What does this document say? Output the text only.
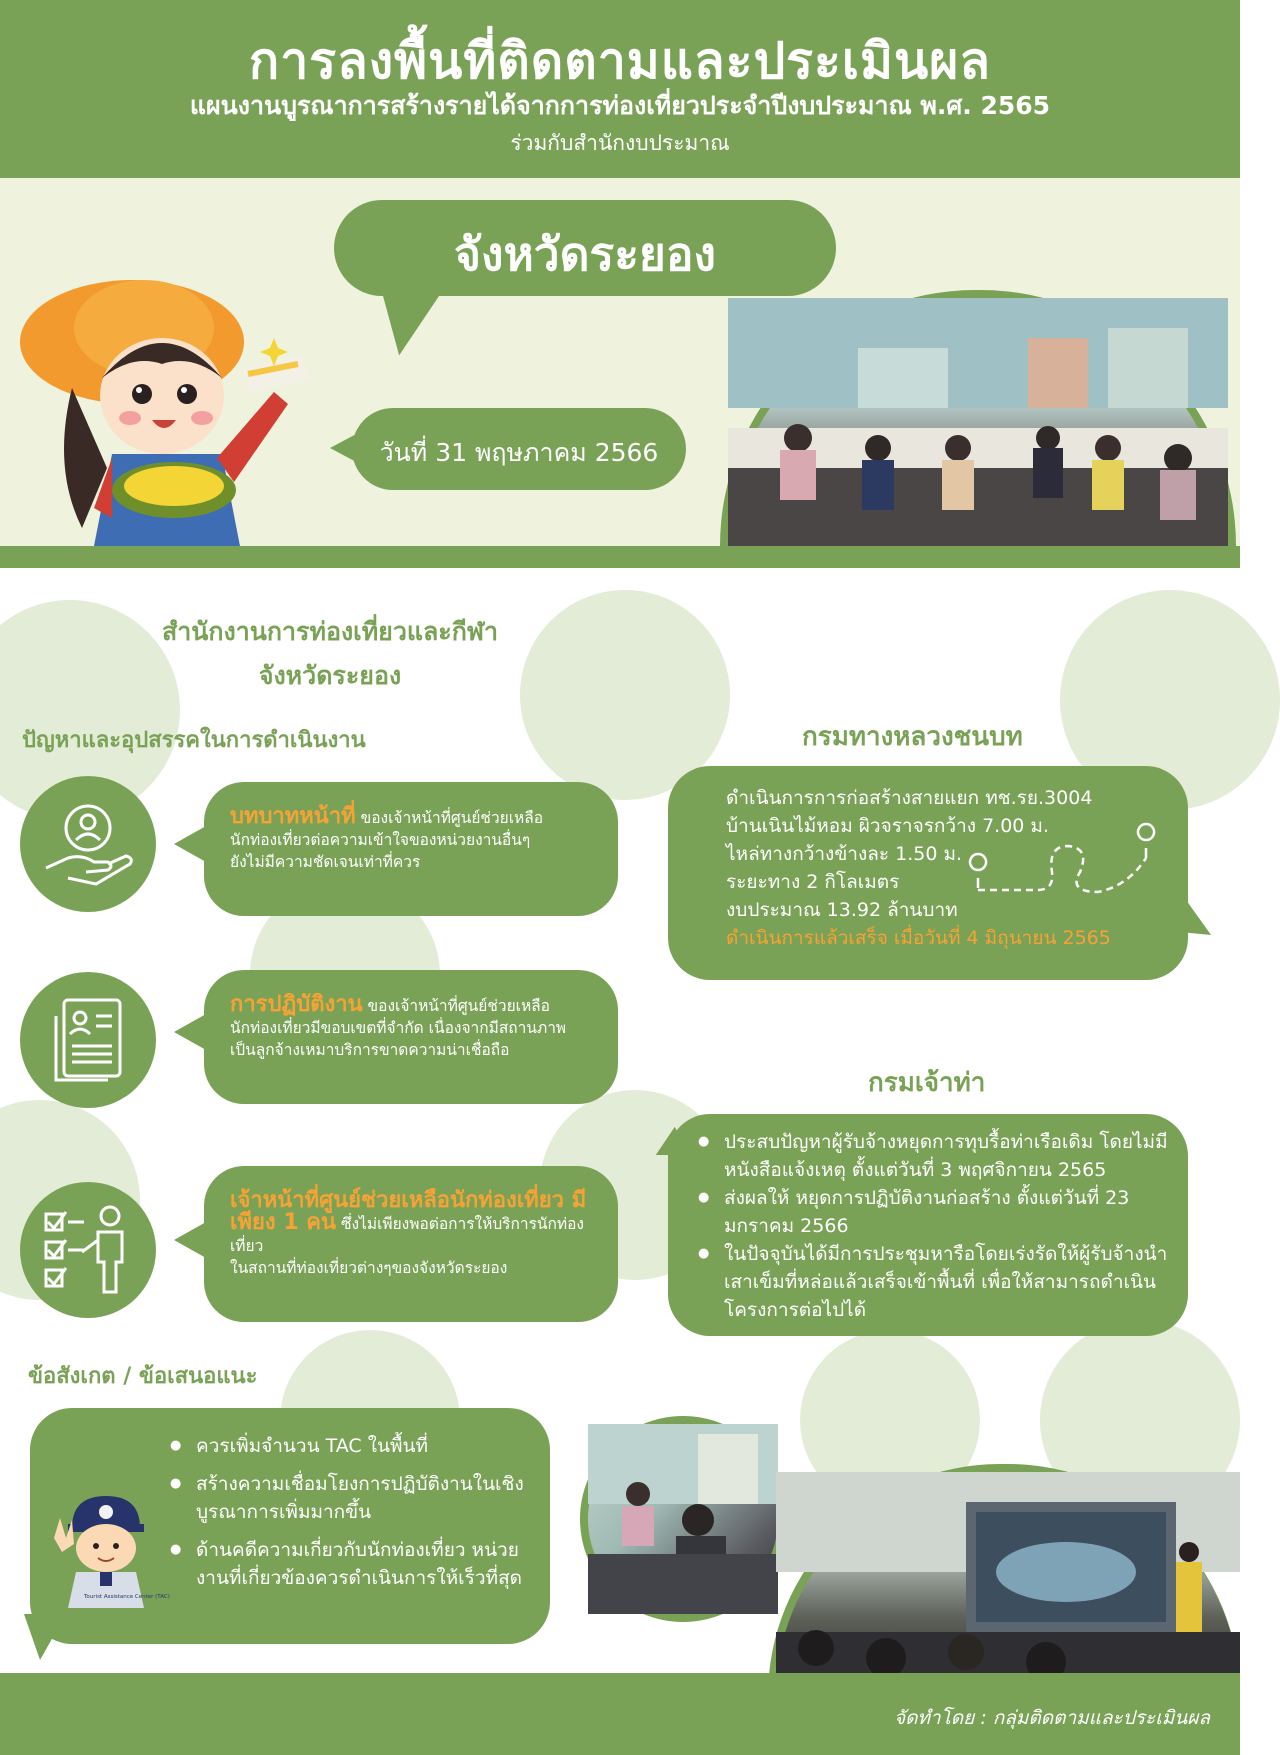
การลงพื้นที่ติดตามและประเมินผล
แผนงานบูรณาการสร้างรายได้จากการท่องเที่ยวประจำปีงบประมาณ พ.ศ. 2565
ร่วมกับสำนักงบประมาณ
จังหวัดระยอง
วันที่ 31 พฤษภาคม 2566
สำนักงานการท่องเที่ยวและกีฬา
จังหวัดระยอง
ปัญหาและอุปสรรคในการดำเนินงาน
บทบาทหน้าที่ ของเจ้าหน้าที่ศูนย์ช่วยเหลือ
นักท่องเที่ยวต่อความเข้าใจของหน่วยงานอื่นๆ
ยังไม่มีความชัดเจนเท่าที่ควร
การปฏิบัติงาน ของเจ้าหน้าที่ศูนย์ช่วยเหลือ
นักท่องเที่ยวมีขอบเขตที่จำกัด เนื่องจากมีสถานภาพ
เป็นลูกจ้างเหมาบริการขาดความน่าเชื่อถือ
เจ้าหน้าที่ศูนย์ช่วยเหลือนักท่องเที่ยว มี
เพียง 1 คน ซึ่งไม่เพียงพอต่อการให้บริการนักท่องเที่ยว
ในสถานที่ท่องเที่ยวต่างๆของจังหวัดระยอง
กรมทางหลวงชนบท
ดำเนินการการก่อสร้างสายแยก ทช.รย.3004
บ้านเนินไม้หอม ผิวจราจรกว้าง 7.00 ม.
ไหล่ทางกว้างข้างละ 1.50 ม.
ระยะทาง 2 กิโลเมตร
งบประมาณ 13.92 ล้านบาท
ดำเนินการแล้วเสร็จ เมื่อวันที่ 4 มิถุนายน 2565
กรมเจ้าท่า
● ประสบปัญหาผู้รับจ้างหยุดการทุบรื้อท่าเรือเดิม โดยไม่มีหนังสือแจ้งเหตุ ตั้งแต่วันที่ 3 พฤศจิกายน 2565
● ส่งผลให้ หยุดการปฏิบัติงานก่อสร้าง ตั้งแต่วันที่ 23 มกราคม 2566
● ในปัจจุบันได้มีการประชุมหารือโดยเร่งรัดให้ผู้รับจ้างนำเสาเข็มที่หล่อแล้วเสร็จเข้าพื้นที่ เพื่อให้สามารถดำเนินโครงการต่อไปได้
ข้อสังเกต / ข้อเสนอแนะ
● ควรเพิ่มจำนวน TAC ในพื้นที่
● สร้างความเชื่อมโยงการปฏิบัติงานในเชิงบูรณาการเพิ่มมากขึ้น
● ด้านคดีความเกี่ยวกับนักท่องเที่ยว หน่วยงานที่เกี่ยวข้องควรดำเนินการให้เร็วที่สุด
Tourist Assistance Center (TAC)
จัดทำโดย : กลุ่มติดตามและประเมินผล
